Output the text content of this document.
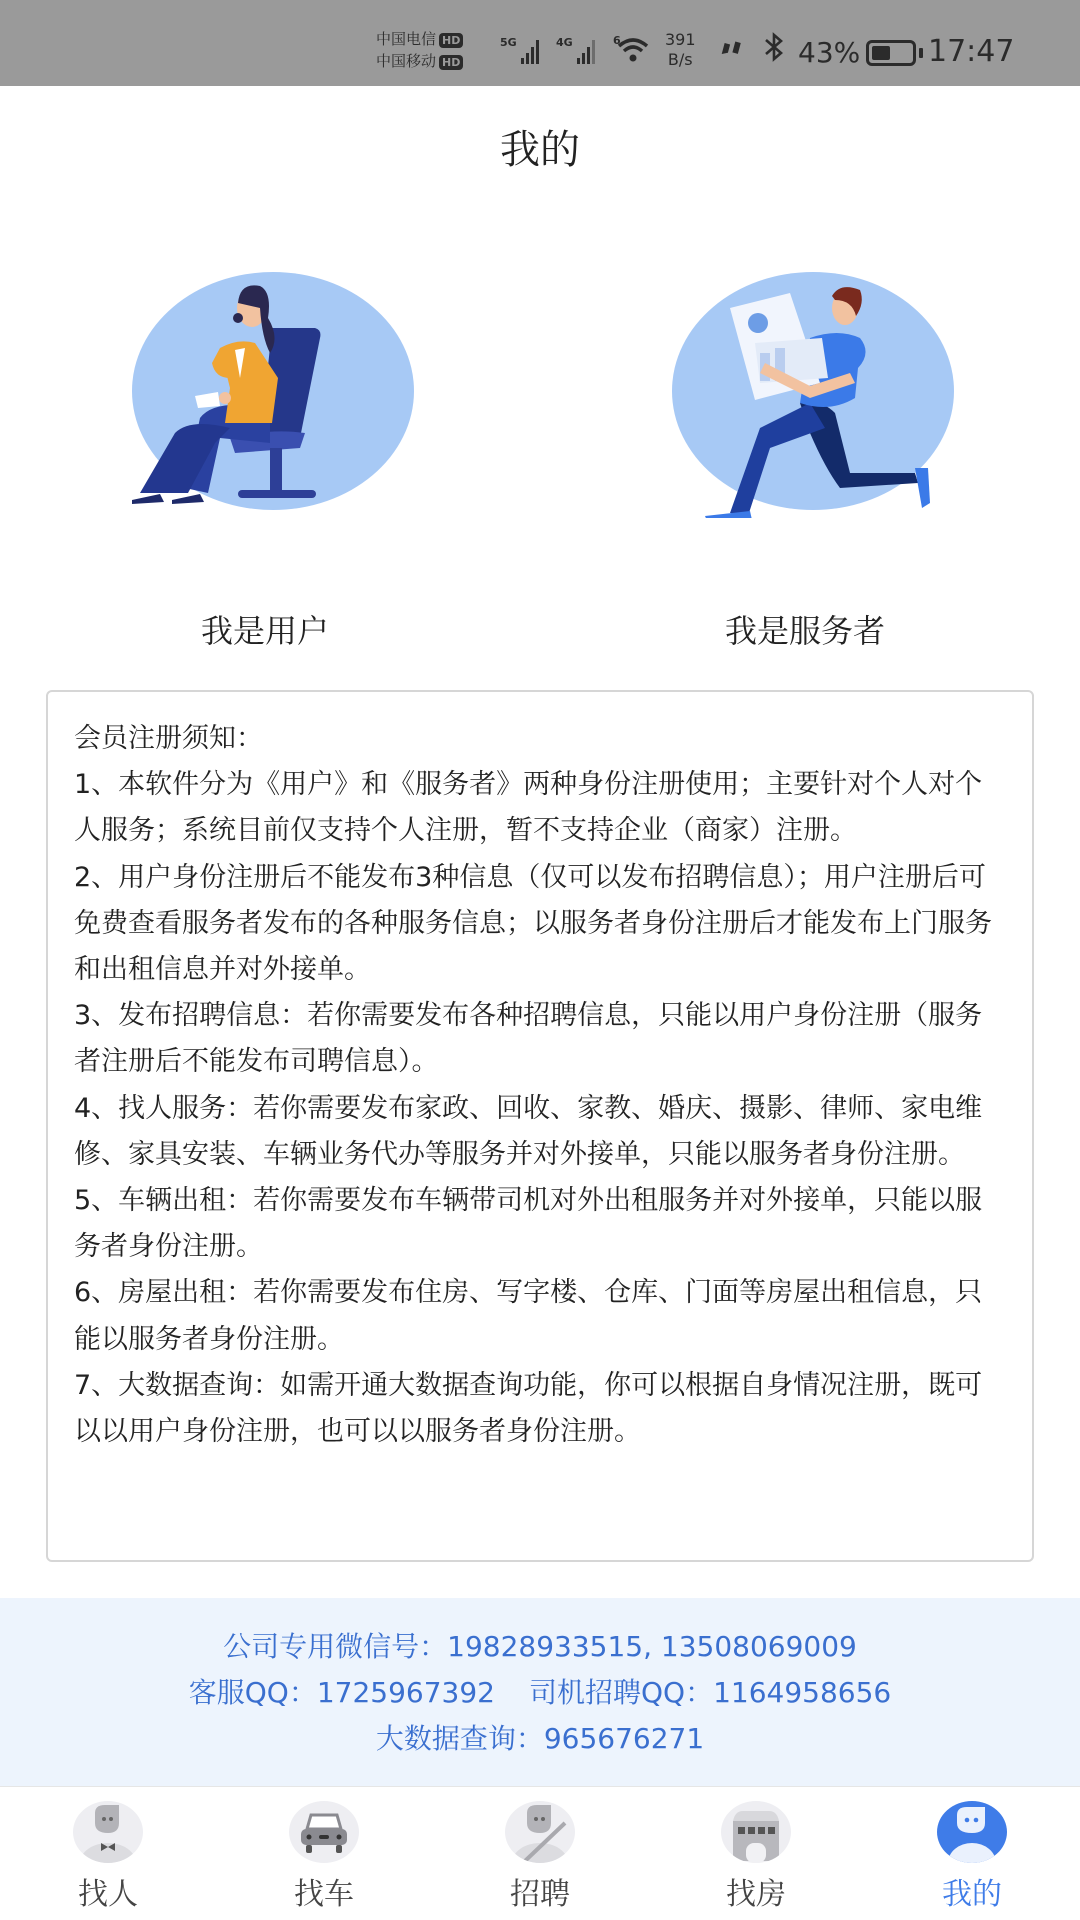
中国电信 HD
中国移动 HD
5G	4G	6	391
B/s	43% 17:47
我的
我是用户	我是服务者

会员注册须知：

1、本软件分为《用户》和《服务者》两种身份注册使用；主要针对个人对个人服务；系统目前仅支持个人注册，暂不支持企业（商家）注册。

2、用户身份注册后不能发布3种信息（仅可以发布招聘信息）；用户注册后可免费查看服务者发布的各种服务信息；以服务者身份注册后才能发布上门服务和出租信息并对外接单。

3、发布招聘信息：若你需要发布各种招聘信息，只能以用户身份注册（服务者注册后不能发布司聘信息）。

4、找人服务：若你需要发布家政、回收、家教、婚庆、摄影、律师、家电维修、家具安装、车辆业务代办等服务并对外接单，只能以服务者身份注册。

5、车辆出租：若你需要发布车辆带司机对外出租服务并对外接单，只能以服务者身份注册。

6、房屋出租：若你需要发布住房、写字楼、仓库、门面等房屋出租信息，只能以服务者身份注册。

7、大数据查询：如需开通大数据查询功能，你可以根据自身情况注册，既可以以用户身份注册，也可以以服务者身份注册。

公司专用微信号：19828933515, 13508069009
客服QQ：1725967392 司机招聘QQ：1164958656
大数据查询：965676271
找人	找车	招聘	找房	我的
